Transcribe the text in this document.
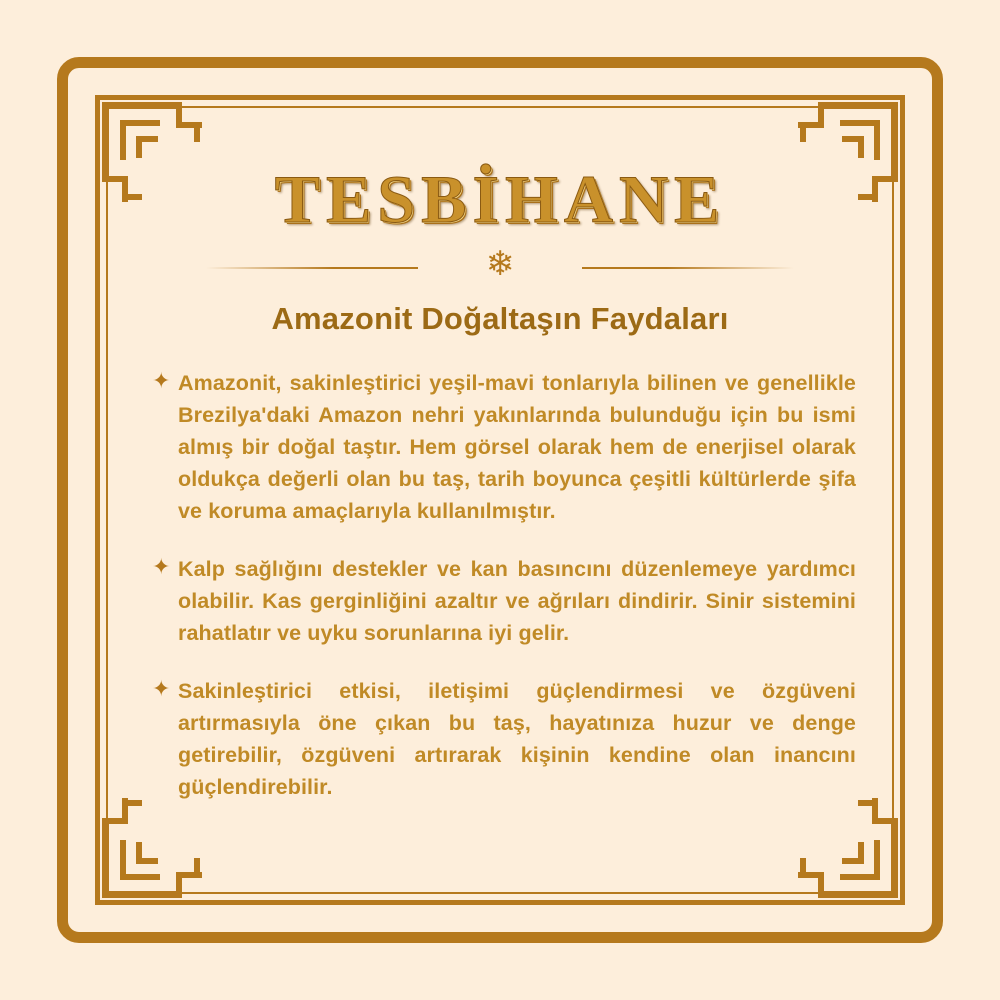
TESBİHANE
❄
Amazonit Doğaltaşın Faydaları
✦ Amazonit, sakinleştirici yeşil-mavi tonlarıyla bilinen ve genellikle Brezilya'daki Amazon nehri yakınlarında bulunduğu için bu ismi almış bir doğal taştır. Hem görsel olarak hem de enerjisel olarak oldukça değerli olan bu taş, tarih boyunca çeşitli kültürlerde şifa ve koruma amaçlarıyla kullanılmıştır.
✦ Kalp sağlığını destekler ve kan basıncını düzenlemeye yardımcı olabilir. Kas gerginliğini azaltır ve ağrıları dindirir. Sinir sistemini rahatlatır ve uyku sorunlarına iyi gelir.
✦ Sakinleştirici etkisi, iletişimi güçlendirmesi ve özgüveni artırmasıyla öne çıkan bu taş, hayatınıza huzur ve denge getirebilir, özgüveni artırarak kişinin kendine olan inancını güçlendirebilir.
